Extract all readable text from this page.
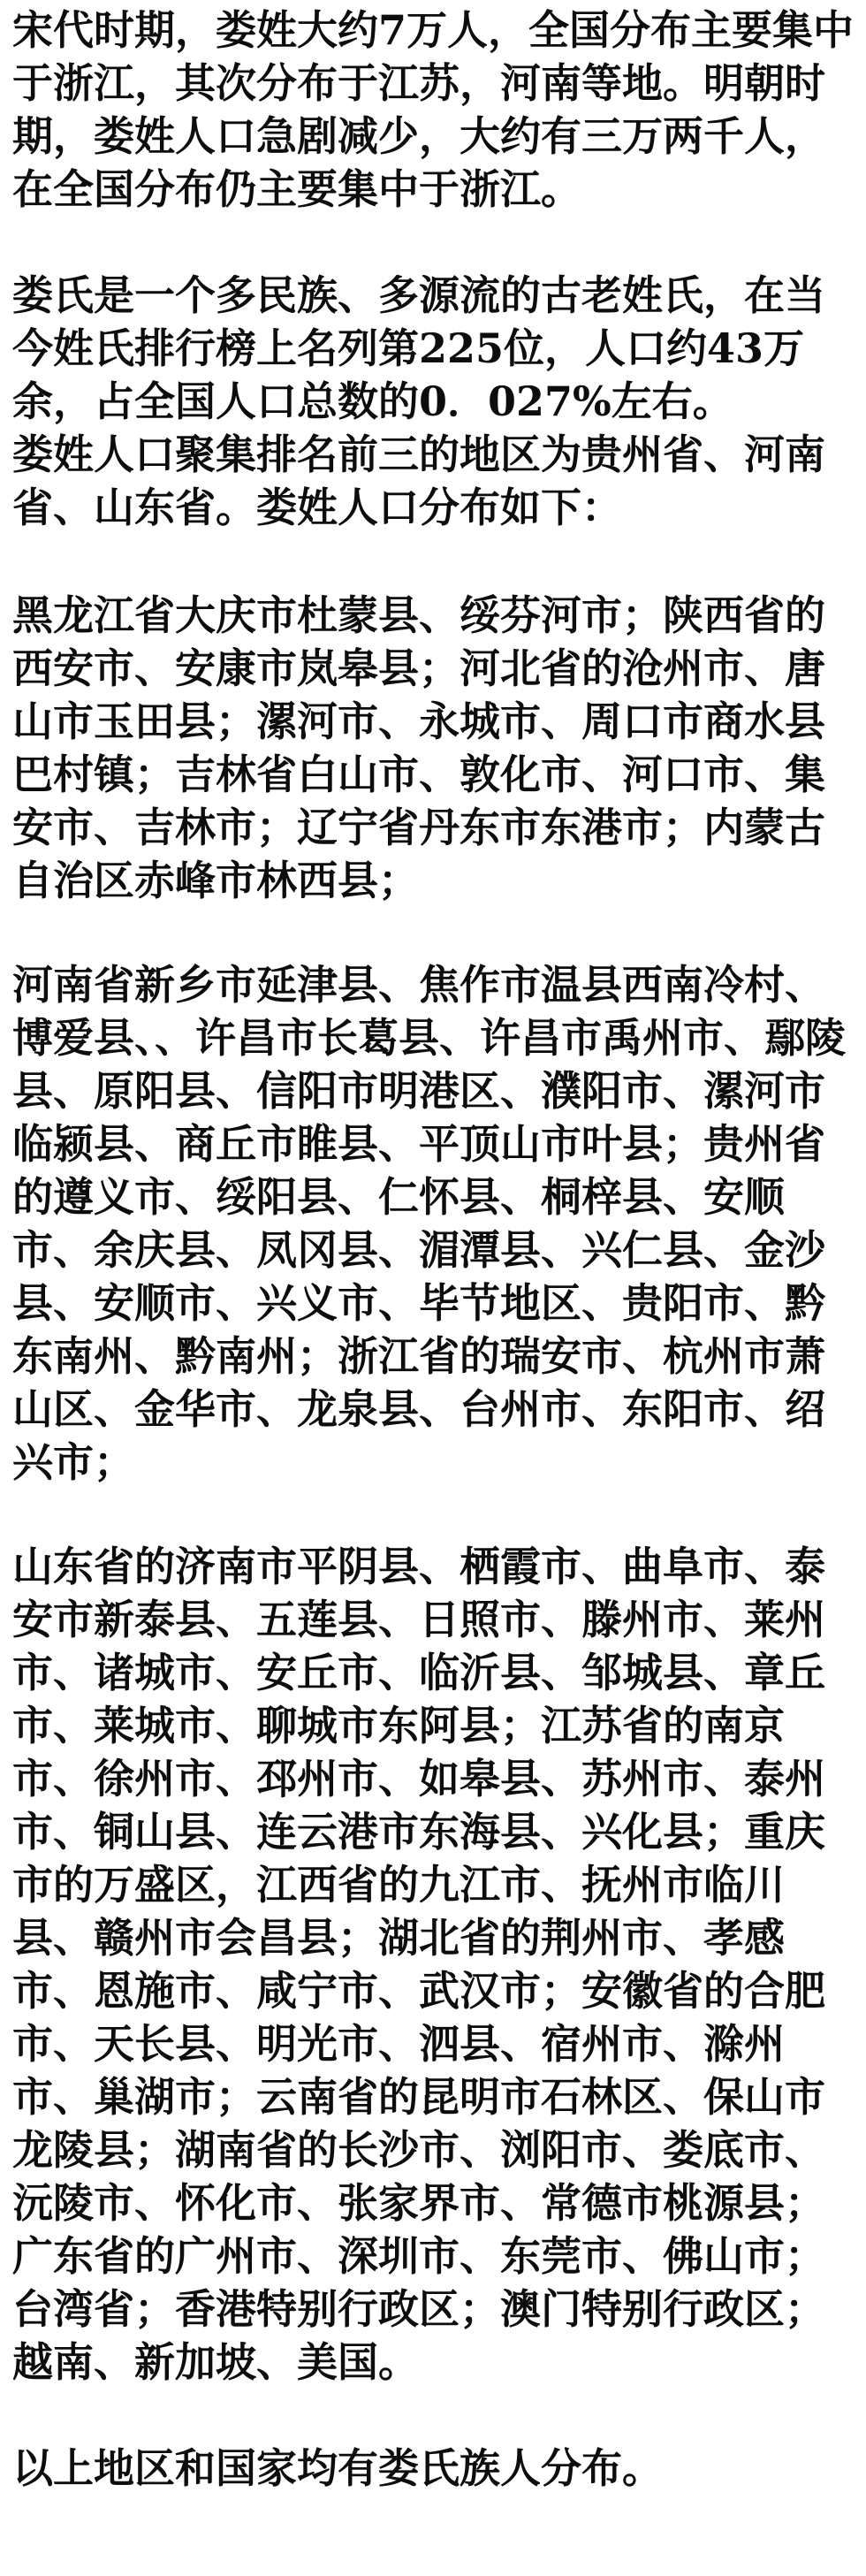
宋代时期，娄姓大约7万人，全国分布主要集中于浙江，其次分布于江苏，河南等地。明朝时期，娄姓人口急剧减少，大约有三万两千人，在全国分布仍主要集中于浙江。

娄氏是一个多民族、多源流的古老姓氏，在当今姓氏排行榜上名列第225位，人口约43万余，占全国人口总数的0．027%左右。
娄姓人口聚集排名前三的地区为贵州省、河南省、山东省。娄姓人口分布如下：

黑龙江省大庆市杜蒙县、绥芬河市；陕西省的西安市、安康市岚皋县；河北省的沧州市、唐山市玉田县；漯河市、永城市、周口市商水县巴村镇；吉林省白山市、敦化市、河口市、集安市、吉林市；辽宁省丹东市东港市；内蒙古自治区赤峰市林西县；

河南省新乡市延津县、焦作市温县西南冷村、博爱县、、许昌市长葛县、许昌市禹州市、鄢陵县、原阳县、信阳市明港区、濮阳市、漯河市临颍县、商丘市睢县、平顶山市叶县；贵州省的遵义市、绥阳县、仁怀县、桐梓县、安顺市、余庆县、凤冈县、湄潭县、兴仁县、金沙县、安顺市、兴义市、毕节地区、贵阳市、黔东南州、黔南州；浙江省的瑞安市、杭州市萧山区、金华市、龙泉县、台州市、东阳市、绍兴市；

山东省的济南市平阴县、栖霞市、曲阜市、泰安市新泰县、五莲县、日照市、滕州市、莱州市、诸城市、安丘市、临沂县、邹城县、章丘市、莱城市、聊城市东阿县；江苏省的南京市、徐州市、邳州市、如皋县、苏州市、泰州市、铜山县、连云港市东海县、兴化县；重庆市的万盛区，江西省的九江市、抚州市临川县、赣州市会昌县；湖北省的荆州市、孝感市、恩施市、咸宁市、武汉市；安徽省的合肥市、天长县、明光市、泗县、宿州市、滁州市、巢湖市；云南省的昆明市石林区、保山市龙陵县；湖南省的长沙市、浏阳市、娄底市、沅陵市、怀化市、张家界市、常德市桃源县；广东省的广州市、深圳市、东莞市、佛山市；台湾省；香港特别行政区；澳门特别行政区；越南、新加坡、美国。

以上地区和国家均有娄氏族人分布。
